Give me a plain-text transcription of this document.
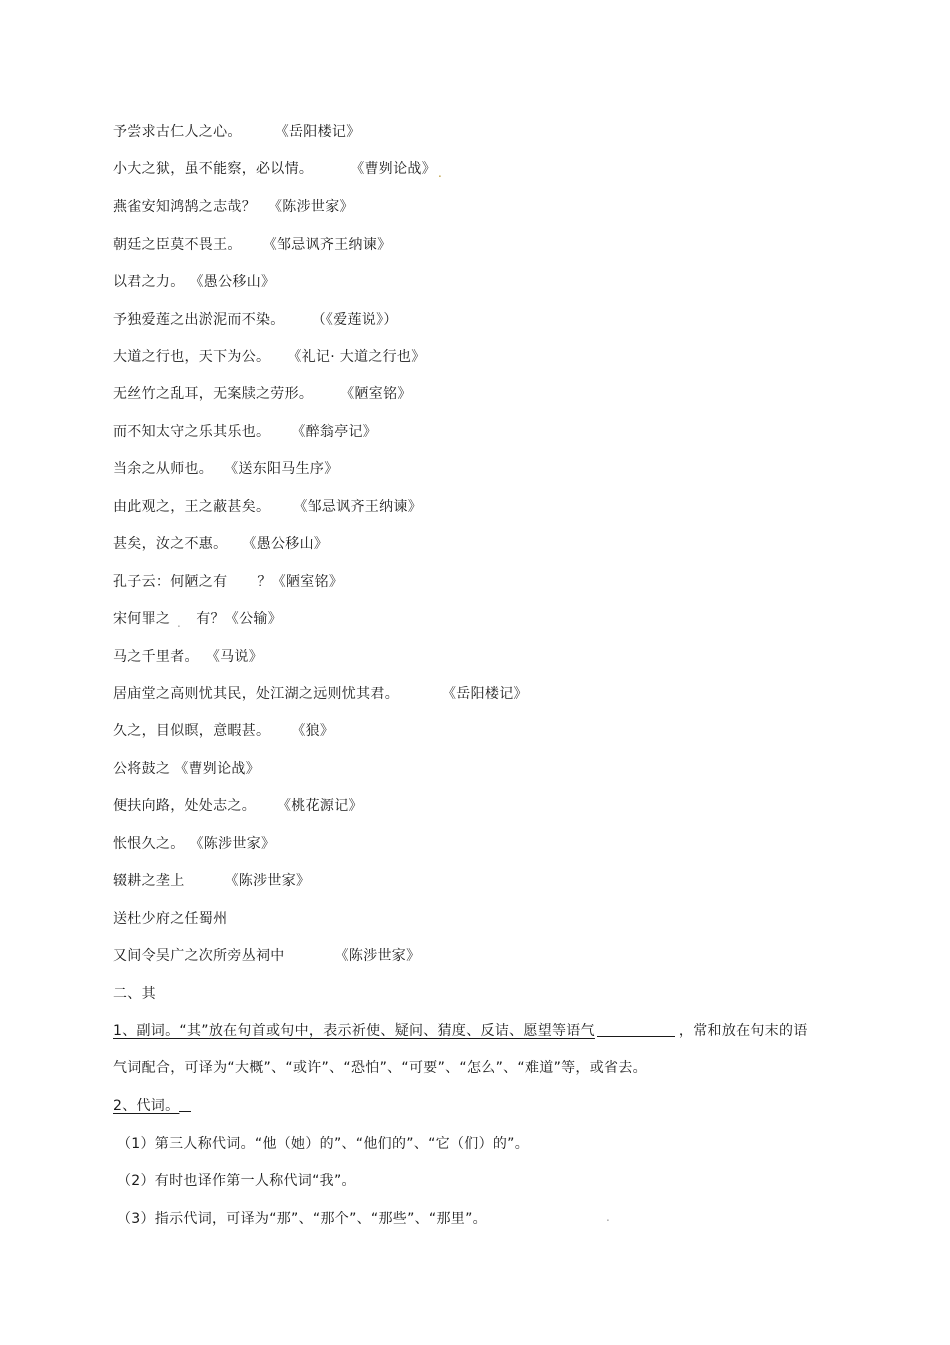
予尝求古仁人之心。	《岳阳楼记》
小大之狱，虽不能察，必以情。	《曹刿论战》
燕雀安知鸿鹄之志哉？ 《陈涉世家》
朝廷之臣莫不畏王。 《邹忌讽齐王纳谏》
以君之力。 《愚公移山》
予独爱莲之出淤泥而不染。 （《爱莲说》）
大道之行也，天下为公。 《礼记· 大道之行也》
无丝竹之乱耳，无案牍之劳形。 《陋室铭》
而不知太守之乐其乐也。 《醉翁亭记》
当余之从师也。 《送东阳马生序》
由此观之，王之蔽甚矣。 《邹忌讽齐王纳谏》
甚矣，汝之不惠。 《愚公移山》
孔子云：何陋之有 ？《陋室铭》
宋何罪之 有？《公输》
马之千里者。 《马说》
居庙堂之高则忧其民，处江湖之远则忧其君。	《岳阳楼记》
久之，目似瞑，意暇甚。 《狼》
公将鼓之 《曹刿论战》
便扶向路，处处志之。 《桃花源记》
怅恨久之。 《陈涉世家》
辍耕之垄上	《陈涉世家》
送杜少府之任蜀州
又间令吴广之次所旁丛祠中	《陈涉世家》
二、其
1、副词。“其”放在句首或句中，表示祈使、疑问、猜度、反诘、愿望等语气	，常和放在句末的语
气词配合，可译为“大概”、“或许”、“恐怕”、“可要”、“怎么”、“难道”等，或省去。
2、代词。
（1）第三人称代词。“他（她）的”、“他们的”、“它（们）的”。
（2）有时也译作第一人称代词“我”。
（3）指示代词，可译为“那”、“那个”、“那些”、“那里”。
.
.
.
